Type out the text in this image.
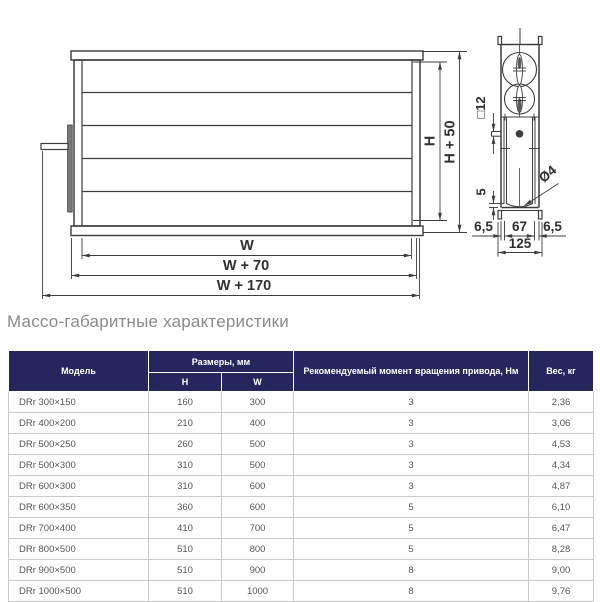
W
W + 70
W + 170
H H + 50
□12
5
Ø4
6,5 67 6,5
125
Массо-габаритные характеристики
Модель	Размеры, мм		Рекомендуемый момент вращения привода, Нм	Вес, кг
	H	W		
DRr 300×150	160	300	3	2,36
DRr 400×200	210	400	3	3,06
DRr 500×250	260	500	3	4,53
DRr 500×300	310	500	3	4,34
DRr 600×300	310	600	3	4,87
DRr 600×350	360	600	5	6,10
DRr 700×400	410	700	5	6,47
DRr 800×500	510	800	5	8,28
DRr 900×500	510	900	8	9,00
DRr 1000×500	510	1000	8	9,76
